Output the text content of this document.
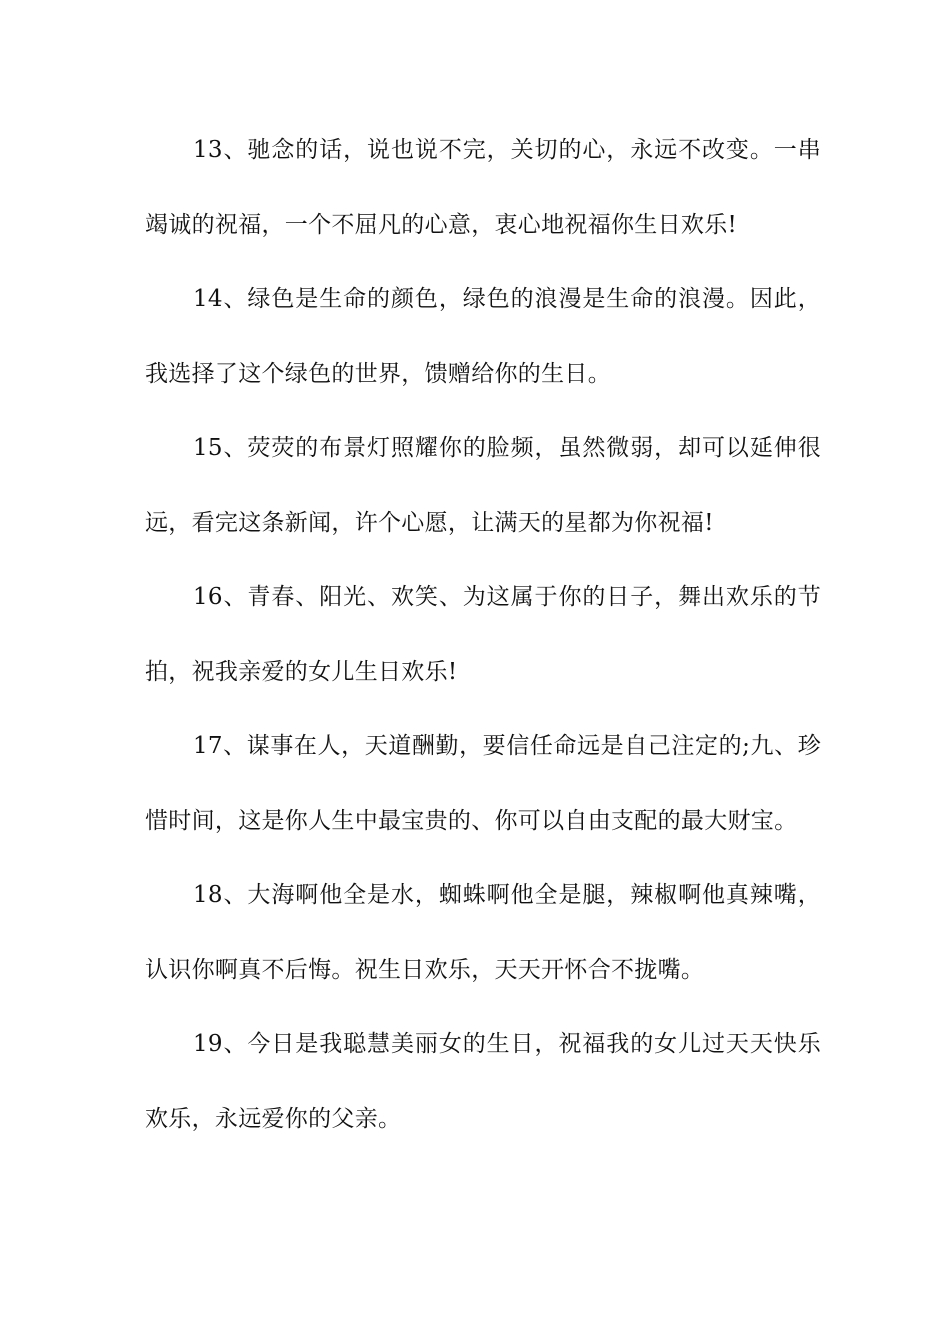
13、驰念的话，说也说不完，关切的心，永远不改变。一串竭诚的祝福，一个不屈凡的心意，衷心地祝福你生日欢乐!

14、绿色是生命的颜色，绿色的浪漫是生命的浪漫。因此，我选择了这个绿色的世界，馈赠给你的生日。

15、荧荧的布景灯照耀你的脸频，虽然微弱，却可以延伸很远，看完这条新闻，许个心愿，让满天的星都为你祝福!

16、青春、阳光、欢笑、为这属于你的日子，舞出欢乐的节拍，祝我亲爱的女儿生日欢乐!

17、谋事在人，天道酬勤，要信任命远是自己注定的;九、珍惜时间，这是你人生中最宝贵的、你可以自由支配的最大财宝。

18、大海啊他全是水，蜘蛛啊他全是腿，辣椒啊他真辣嘴，认识你啊真不后悔。祝生日欢乐，天天开怀合不拢嘴。

19、今日是我聪慧美丽女的生日，祝福我的女儿过天天快乐欢乐，永远爱你的父亲。
